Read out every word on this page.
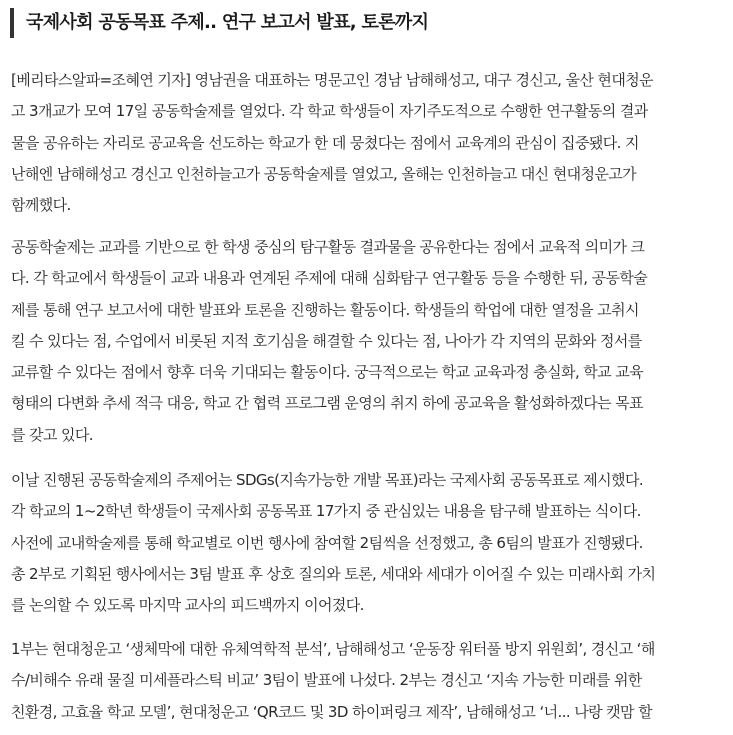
국제사회 공동목표 주제.. 연구 보고서 발표, 토론까지

[베리타스알파=조혜연 기자] 영남권을 대표하는 명문고인 경남 남해해성고, 대구 경신고, 울산 현대청운
고 3개교가 모여 17일 공동학술제를 열었다. 각 학교 학생들이 자기주도적으로 수행한 연구활동의 결과
물을 공유하는 자리로 공교육을 선도하는 학교가 한 데 뭉쳤다는 점에서 교육계의 관심이 집중됐다. 지
난해엔 남해해성고 경신고 인천하늘고가 공동학술제를 열었고, 올해는 인천하늘고 대신 현대청운고가
함께했다.

공동학술제는 교과를 기반으로 한 학생 중심의 탐구활동 결과물을 공유한다는 점에서 교육적 의미가 크
다. 각 학교에서 학생들이 교과 내용과 연계된 주제에 대해 심화탐구 연구활동 등을 수행한 뒤, 공동학술
제를 통해 연구 보고서에 대한 발표와 토론을 진행하는 활동이다. 학생들의 학업에 대한 열정을 고취시
킬 수 있다는 점, 수업에서 비롯된 지적 호기심을 해결할 수 있다는 점, 나아가 각 지역의 문화와 정서를
교류할 수 있다는 점에서 향후 더욱 기대되는 활동이다. 궁극적으로는 학교 교육과정 충실화, 학교 교육
형태의 다변화 추세 적극 대응, 학교 간 협력 프로그램 운영의 취지 하에 공교육을 활성화하겠다는 목표
를 갖고 있다.

이날 진행된 공동학술제의 주제어는 SDGs(지속가능한 개발 목표)라는 국제사회 공동목표로 제시했다.
각 학교의 1~2학년 학생들이 국제사회 공동목표 17가지 중 관심있는 내용을 탐구해 발표하는 식이다.
사전에 교내학술제를 통해 학교별로 이번 행사에 참여할 2팀씩을 선정했고, 총 6팀의 발표가 진행됐다.
총 2부로 기획된 행사에서는 3팀 발표 후 상호 질의와 토론, 세대와 세대가 이어질 수 있는 미래사회 가치
를 논의할 수 있도록 마지막 교사의 피드백까지 이어졌다.

1부는 현대청운고 ‘생체막에 대한 유체역학적 분석’, 남해해성고 ‘운동장 워터풀 방지 위원회’, 경신고 ‘해
수/비해수 유래 물질 미세플라스틱 비교’ 3팀이 발표에 나섰다. 2부는 경신고 ‘지속 가능한 미래를 위한
친환경, 고효율 학교 모델’, 현대청운고 ‘QR코드 및 3D 하이퍼링크 제작’, 남해해성고 ‘너... 나랑 캣맘 할
